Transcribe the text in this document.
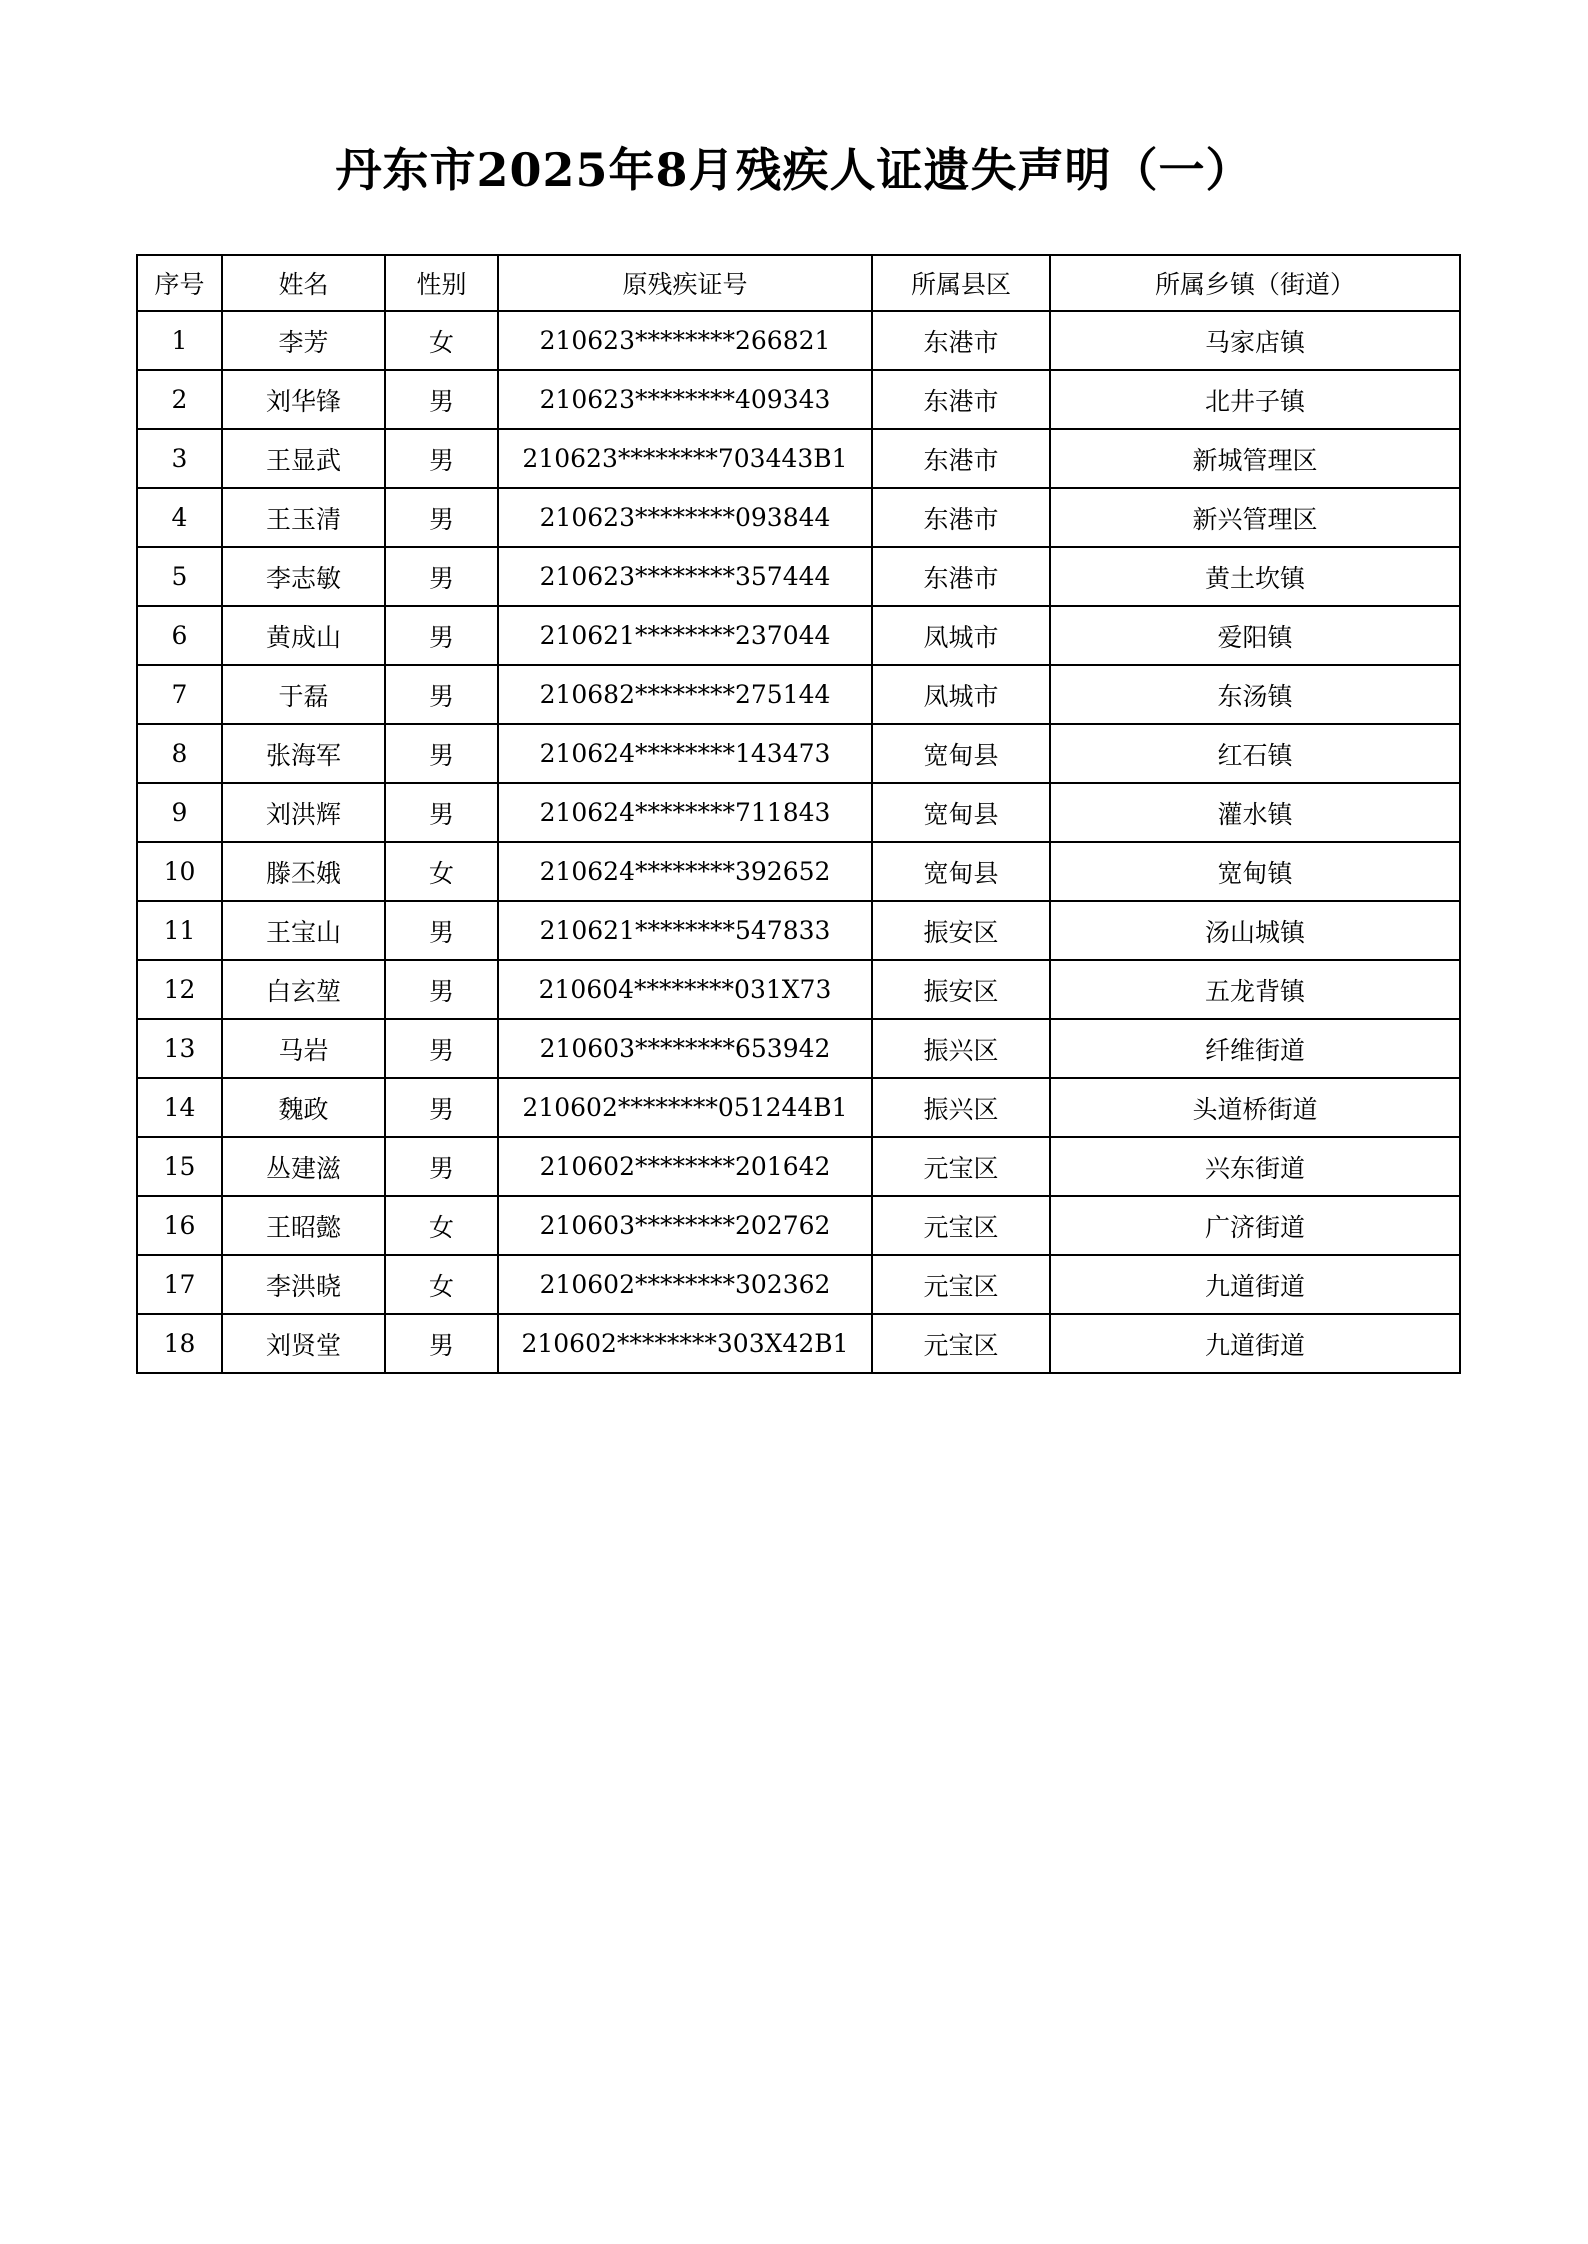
丹东市2025年8月残疾人证遗失声明（一）
序号	姓名	性别	原残疾证号	所属县区	所属乡镇（街道）
1	李芳	女	210623********266821	东港市	马家店镇
2	刘华锋	男	210623********409343	东港市	北井子镇
3	王显武	男	210623********703443B1	东港市	新城管理区
4	王玉清	男	210623********093844	东港市	新兴管理区
5	李志敏	男	210623********357444	东港市	黄土坎镇
6	黄成山	男	210621********237044	凤城市	爱阳镇
7	于磊	男	210682********275144	凤城市	东汤镇
8	张海军	男	210624********143473	宽甸县	红石镇
9	刘洪辉	男	210624********711843	宽甸县	灌水镇
10	滕丕娥	女	210624********392652	宽甸县	宽甸镇
11	王宝山	男	210621********547833	振安区	汤山城镇
12	白玄堃	男	210604********031X73	振安区	五龙背镇
13	马岩	男	210603********653942	振兴区	纤维街道
14	魏政	男	210602********051244B1	振兴区	头道桥街道
15	丛建滋	男	210602********201642	元宝区	兴东街道
16	王昭懿	女	210603********202762	元宝区	广济街道
17	李洪晓	女	210602********302362	元宝区	九道街道
18	刘贤堂	男	210602********303X42B1	元宝区	九道街道
